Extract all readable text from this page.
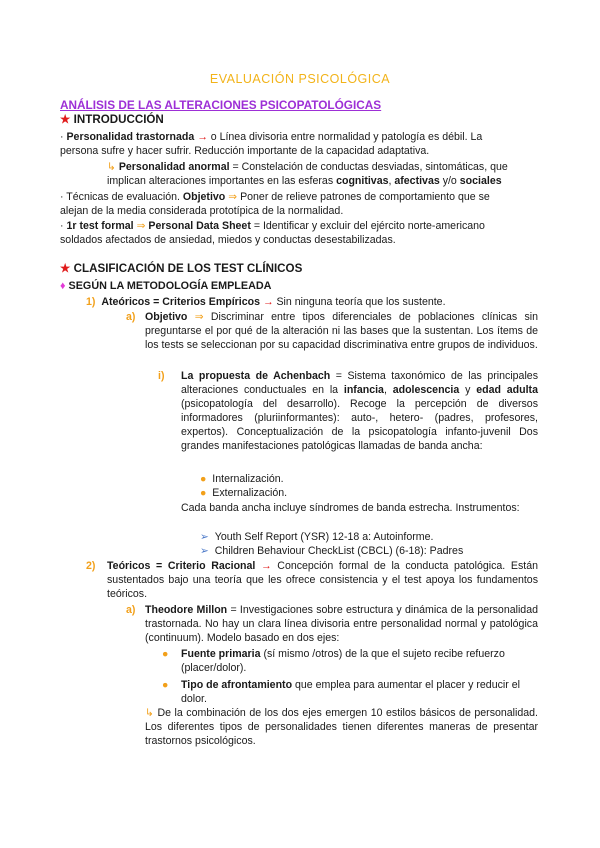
EVALUACIÓN PSICOLÓGICA
ANÁLISIS DE LAS ALTERACIONES PSICOPATOLÓGICAS
★ INTRODUCCIÓN
· Personalidad trastornada → o Línea divisoria entre normalidad y patología es débil. La
persona sufre y hacer sufrir. Reducción importante de la capacidad adaptativa.
↳ Personalidad anormal = Constelación de conductas desviadas, sintomáticas, que
implican alteraciones importantes en las esferas cognitivas, afectivas y/o sociales
· Técnicas de evaluación. Objetivo ⇒ Poner de relieve patrones de comportamiento que se
alejan de la media considerada prototípica de la normalidad.
· 1r test formal ⇒ Personal Data Sheet = Identificar y excluir del ejército norte-americano
soldados afectados de ansiedad, miedos y conductas desestabilizadas.
★ CLASIFICACIÓN DE LOS TEST CLÍNICOS
♦ SEGÚN LA METODOLOGÍA EMPLEADA
1) Ateóricos = Criterios Empíricos → Sin ninguna teoría que los sustente.
a) Objetivo ⇒ Discriminar entre tipos diferenciales de poblaciones clínicas sin preguntarse el por qué de la alteración ni las bases que la sustentan. Los ítems de los tests se seleccionan por su capacidad discriminativa entre grupos de individuos.
i) La propuesta de Achenbach = Sistema taxonómico de las principales alteraciones conductuales en la infancia, adolescencia y edad adulta (psicopatología del desarrollo). Recoge la percepción de diversos informadores (pluriinformantes): auto-, hetero- (padres, profesores, expertos). Conceptualización de la psicopatología infanto-juvenil Dos grandes manifestaciones patológicas llamadas de banda ancha:
● Internalización.
● Externalización.
Cada banda ancha incluye síndromes de banda estrecha. Instrumentos:
➢ Youth Self Report (YSR) 12-18 a: Autoinforme.
➢ Children Behaviour CheckList (CBCL) (6-18): Padres
2) Teóricos = Criterio Racional → Concepción formal de la conducta patológica. Están sustentados bajo una teoría que les ofrece consistencia y el test apoya los fundamentos teóricos.
a) Theodore Millon = Investigaciones sobre estructura y dinámica de la personalidad trastornada. No hay un clara línea divisoria entre personalidad normal y patológica (continuum). Modelo basado en dos ejes:
● Fuente primaria (sí mismo /otros) de la que el sujeto recibe refuerzo (placer/dolor).
● Tipo de afrontamiento que emplea para aumentar el placer y reducir el dolor.
↳ De la combinación de los dos ejes emergen 10 estilos básicos de personalidad. Los diferentes tipos de personalidades tienen diferentes maneras de presentar trastornos psicológicos.
